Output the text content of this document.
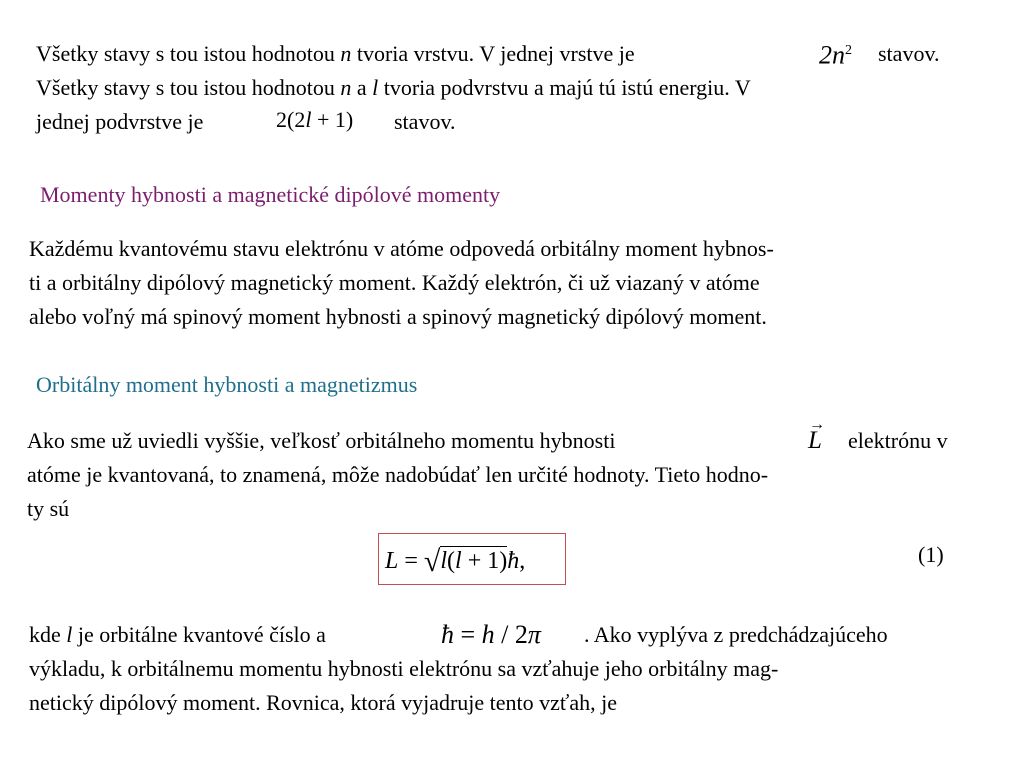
Všetky stavy s tou istou hodnotou n tvoria vrstvu. V jednej vrstve je	$2n^2$ stavov.
Všetky stavy s tou istou hodnotou n a l tvoria podvrstvu a majú tú istú energiu. V
jednej podvrstve je	2(2l + 1) stavov.
Momenty hybnosti a magnetické dipólové momenty
Každému kvantovému stavu elektrónu v atóme odpovedá orbitálny moment hybnos-
ti a orbitálny dipólový magnetický moment. Každý elektrón, či už viazaný v atóme
alebo voľný má spinový moment hybnosti a spinový magnetický dipólový moment.
Orbitálny moment hybnosti a magnetizmus
Ako sme už uviedli vyššie, veľkosť orbitálneho momentu hybnosti
→
L elektrónu v
atóme je kvantovaná, to znamená, môže nadobúdať len určité hodnoty. Tieto hodno-
ty sú
L = √l(l + 1)ħ,	(1)
kde l je orbitálne kvantové číslo a	ħ = h / 2π . Ako vyplýva z predchádzajúceho
výkladu, k orbitálnemu momentu hybnosti elektrónu sa vzťahuje jeho orbitálny mag-
netický dipólový moment. Rovnica, ktorá vyjadruje tento vzťah, je
